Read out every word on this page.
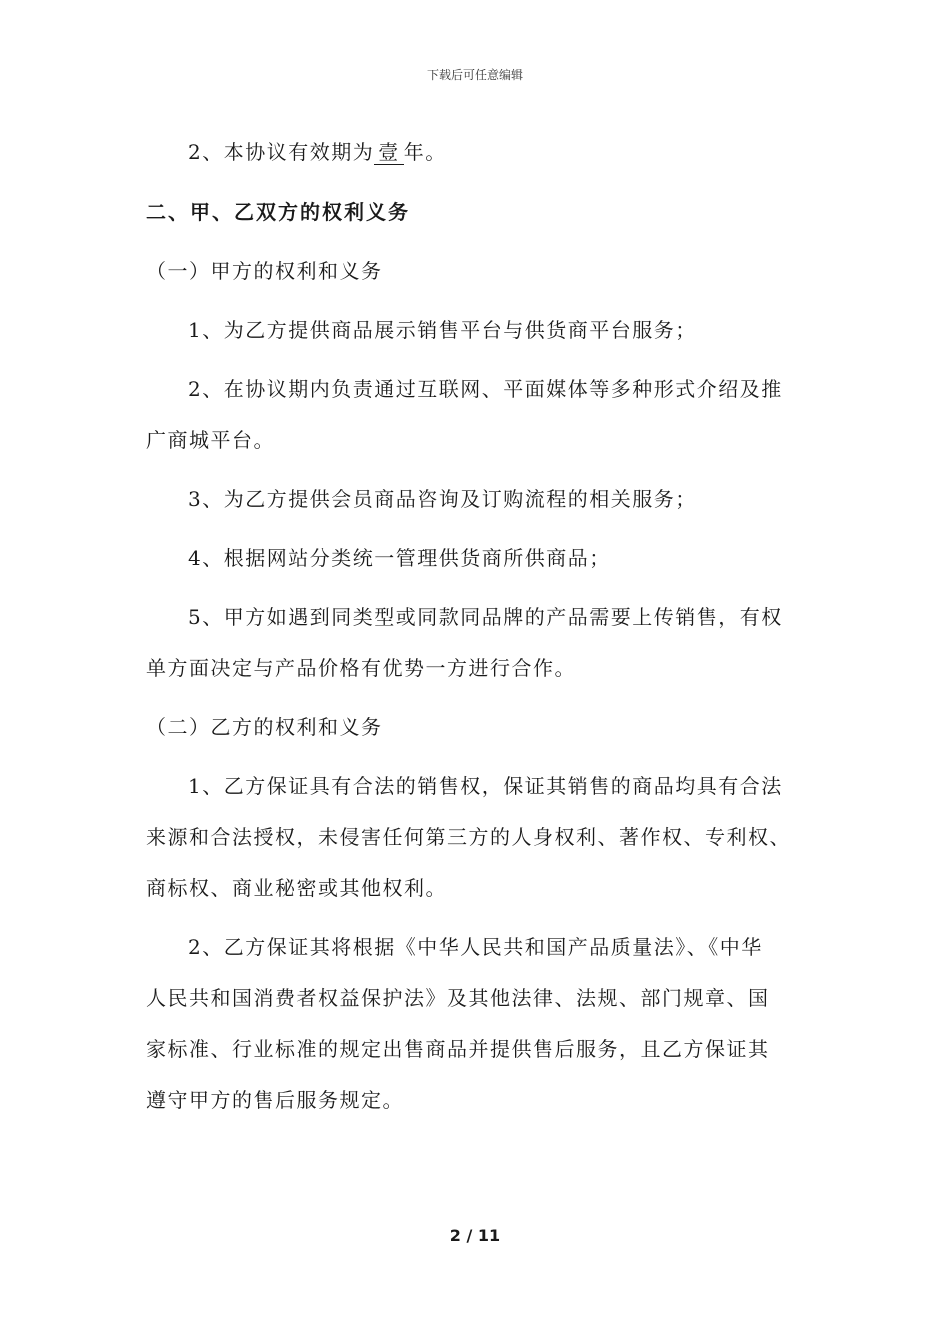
下载后可任意编辑
2、本协议有效期为 壹 年。
二、甲、乙双方的权利义务
（一）甲方的权利和义务
1、为乙方提供商品展示销售平台与供货商平台服务；
2、在协议期内负责通过互联网、平面媒体等多种形式介绍及推
广商城平台。
3、为乙方提供会员商品咨询及订购流程的相关服务；
4、根据网站分类统一管理供货商所供商品；
5、甲方如遇到同类型或同款同品牌的产品需要上传销售，有权
单方面决定与产品价格有优势一方进行合作。
（二）乙方的权利和义务
1、乙方保证具有合法的销售权，保证其销售的商品均具有合法
来源和合法授权，未侵害任何第三方的人身权利、著作权、专利权、
商标权、商业秘密或其他权利。
2、乙方保证其将根据《中华人民共和国产品质量法》、《中华
人民共和国消费者权益保护法》及其他法律、法规、部门规章、国
家标准、行业标准的规定出售商品并提供售后服务，且乙方保证其
遵守甲方的售后服务规定。
2 / 11
